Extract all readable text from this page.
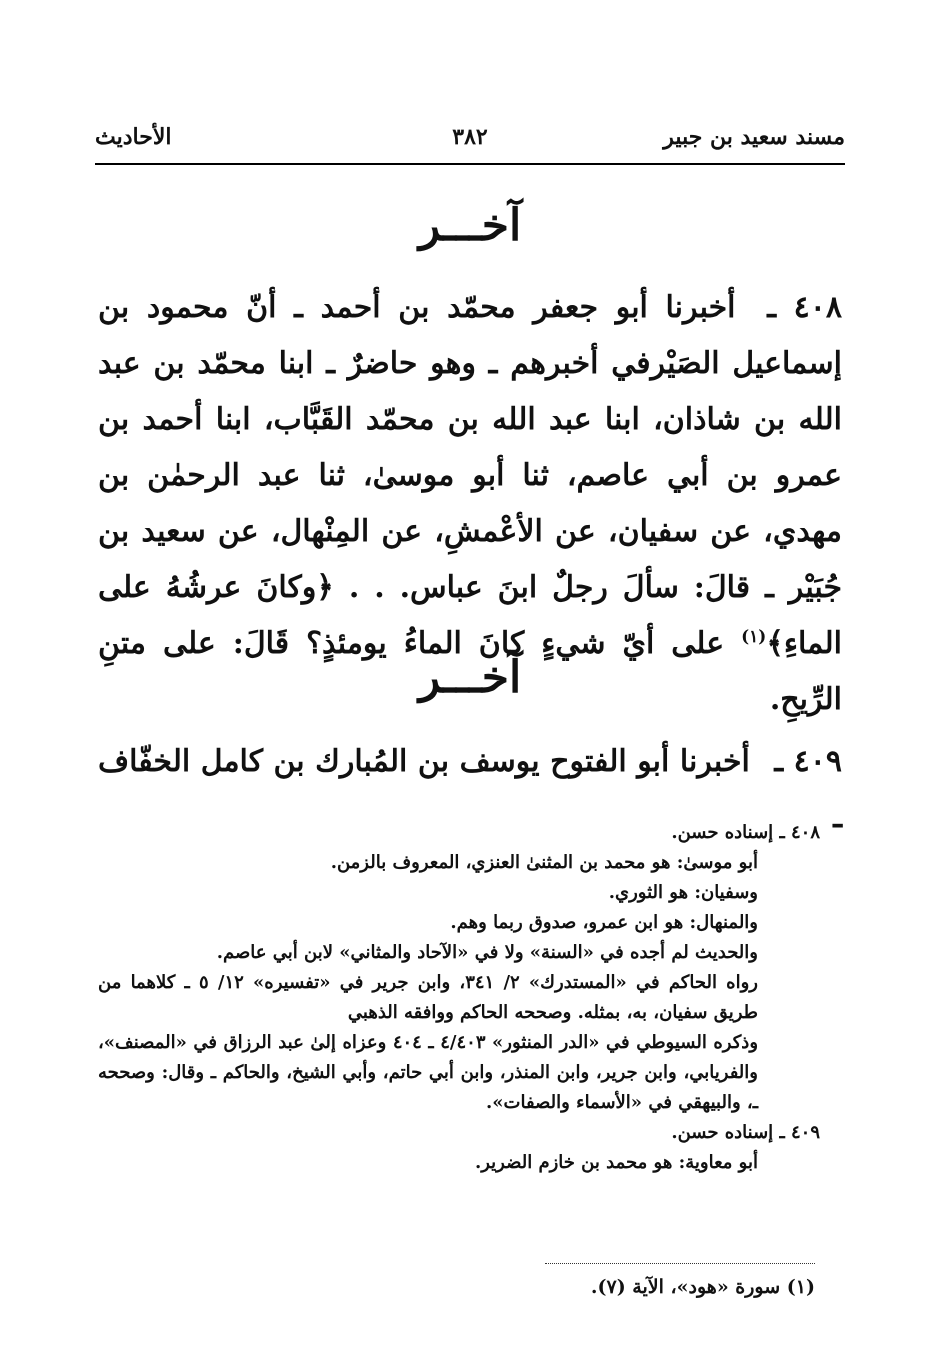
مسند سعيد بن جبير
٣٨٢
الأحاديث
آخـــر
٤٠٨ ـ أخبرنا أبو جعفر محمّد بن أحمد ـ أنّ محمود بن إسماعيل الصَيْرفي أخبرهم ـ وهو حاضرٌ ـ ابنا محمّد بن عبد الله بن شاذان، ابنا عبد الله بن محمّد القَبَّاب، ابنا أحمد بن عمرو بن أبي عاصم، ثنا أبو موسىٰ، ثنا عبد الرحمٰن بن مهدي، عن سفيان، عن الأعْمشِ، عن المِنْهال، عن سعيد بن جُبَيْر ـ قالَ: سألَ رجلٌ ابنَ عباس. . . ﴿وكانَ عرشُهُ على الماءِ﴾$^{(١)}$ على أيّ شيءٍ كانَ الماءُ يومئذٍ؟ قَالَ: على متنِ الرِّيحِ.
آخـــر
٤٠٩ ـ أخبرنا أبو الفتوح يوسف بن المُبارك بن كامل الخفّاف ـ

٤٠٨ ـ إسناده حسن.

أبو موسىٰ: هو محمد بن المثنىٰ العنزي، المعروف بالزمن.

وسفيان: هو الثوري.

والمنهال: هو ابن عمرو، صدوق ربما وهم.

والحديث لم أجده في «السنة» ولا في «الآحاد والمثاني» لابن أبي عاصم.

رواه الحاكم في «المستدرك» ٢/ ٣٤١، وابن جرير في «تفسيره» ١٢/ ٥ ـ كلاهما من طريق سفيان، به، بمثله. وصححه الحاكم ووافقه الذهبي

وذكره السيوطي في «الدر المنثور» ٤/٤٠٣ ـ ٤٠٤ وعزاه إلىٰ عبد الرزاق في «المصنف»، والفريابي، وابن جرير، وابن المنذر، وابن أبي حاتم، وأبي الشيخ، والحاكم ـ وقال: وصححه ـ، والبيهقي في «الأسماء والصفات».

٤٠٩ ـ إسناده حسن.

أبو معاوية: هو محمد بن خازم الضرير.

(١) سورة «هود»، الآية (٧).
